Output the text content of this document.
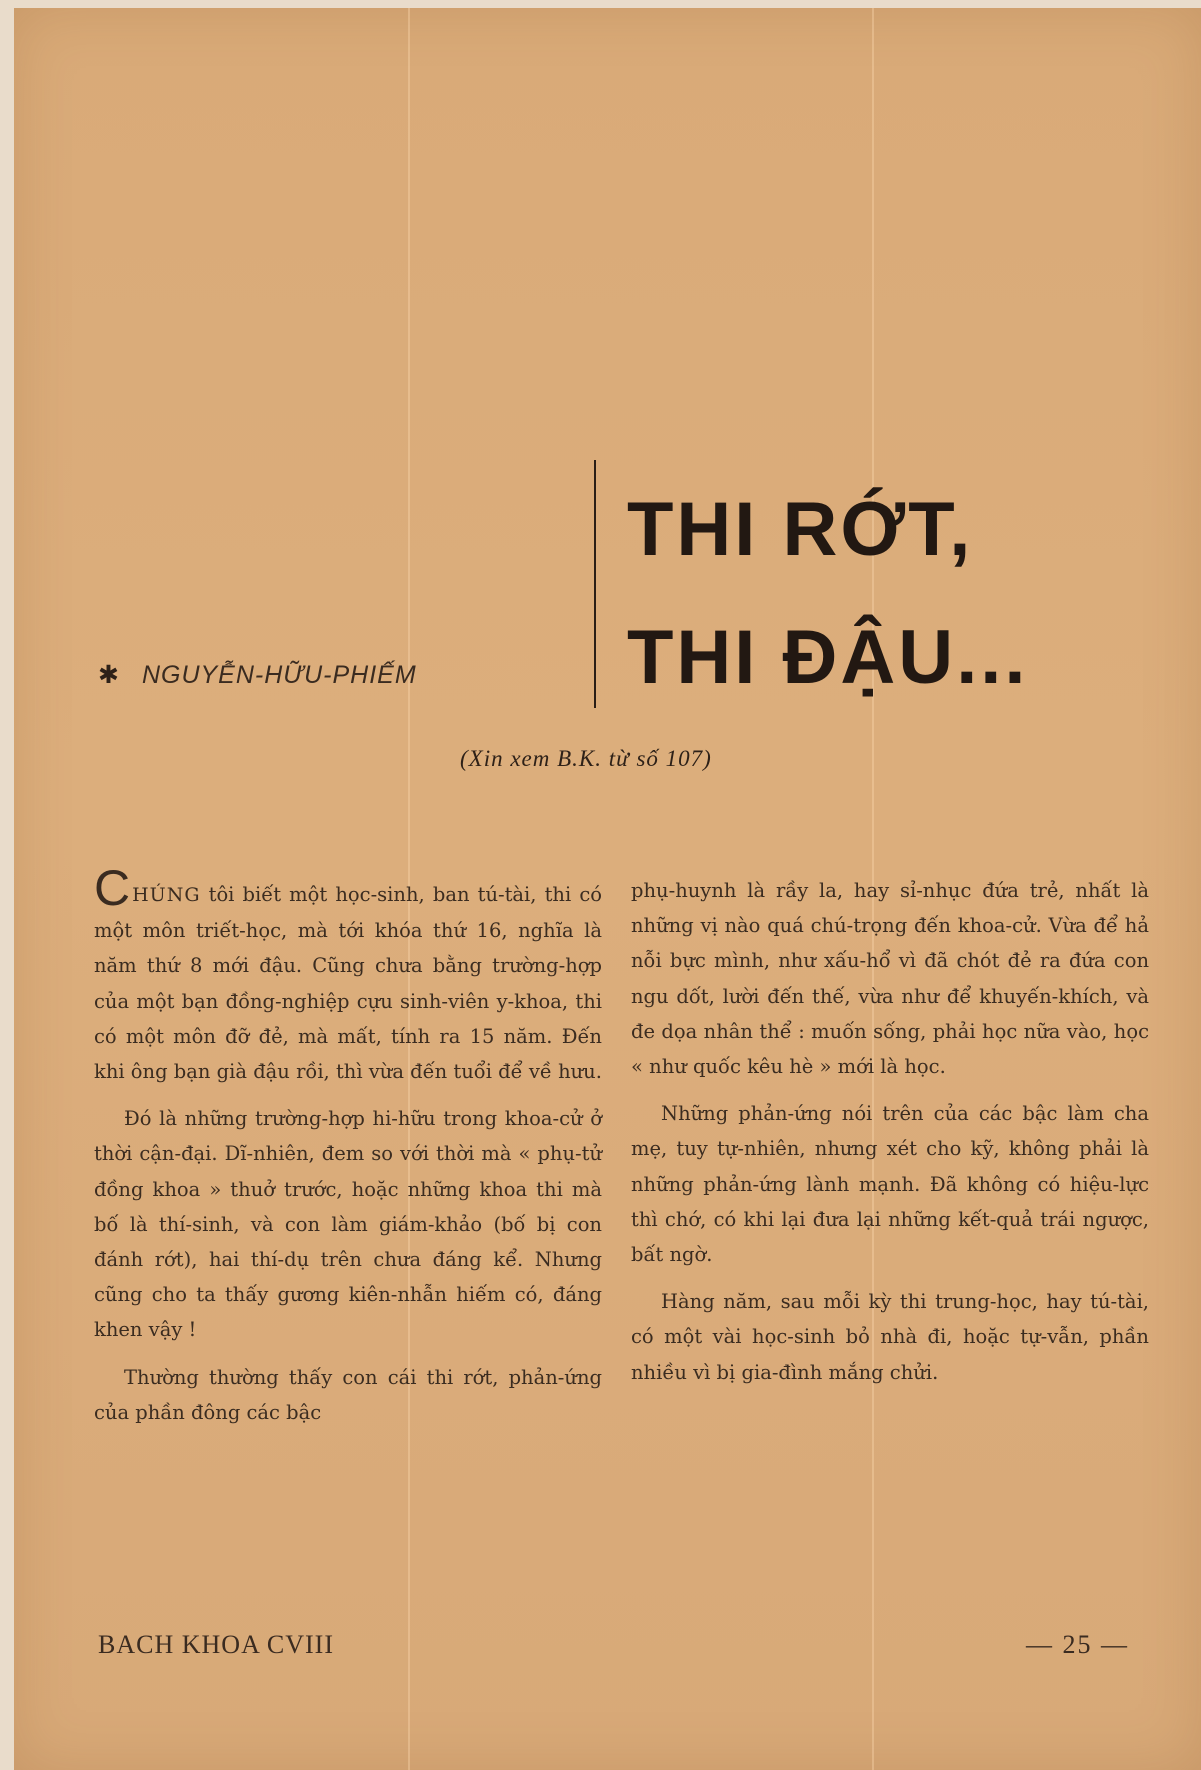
THI RỚT,
THI ĐẬU...
✱ NGUYỄN-HỮU-PHIẾM
(Xin xem B.K. từ số 107)

CHÚNG tôi biết một học-sinh, ban tú-tài, thi có một môn triết-học, mà tới khóa thứ 16, nghĩa là năm thứ 8 mới đậu. Cũng chưa bằng trường-hợp của một bạn đồng-nghiệp cựu sinh-viên y-khoa, thi có một môn đỡ đẻ, mà mất, tính ra 15 năm. Đến khi ông bạn già đậu rồi, thì vừa đến tuổi để về hưu.

Đó là những trường-hợp hi-hữu trong khoa-cử ở thời cận-đại. Dĩ-nhiên, đem so với thời mà « phụ-tử đồng khoa » thuở trước, hoặc những khoa thi mà bố là thí-sinh, và con làm giám-khảo (bố bị con đánh rớt), hai thí-dụ trên chưa đáng kể. Nhưng cũng cho ta thấy gương kiên-nhẫn hiếm có, đáng khen vậy !

Thường thường thấy con cái thi rớt, phản-ứng của phần đông các bậc

phụ-huynh là rầy la, hay sỉ-nhục đứa trẻ, nhất là những vị nào quá chú-trọng đến khoa-cử. Vừa để hả nỗi bực mình, như xấu-hổ vì đã chót đẻ ra đứa con ngu dốt, lười đến thế, vừa như để khuyến-khích, và đe dọa nhân thể : muốn sống, phải học nữa vào, học « như quốc kêu hè » mới là học.

Những phản-ứng nói trên của các bậc làm cha mẹ, tuy tự-nhiên, nhưng xét cho kỹ, không phải là những phản-ứng lành mạnh. Đã không có hiệu-lực thì chớ, có khi lại đưa lại những kết-quả trái ngược, bất ngờ.

Hàng năm, sau mỗi kỳ thi trung-học, hay tú-tài, có một vài học-sinh bỏ nhà đi, hoặc tự-vẫn, phần nhiều vì bị gia-đình mắng chửi.

BACH KHOA CVIII	— 25 —
